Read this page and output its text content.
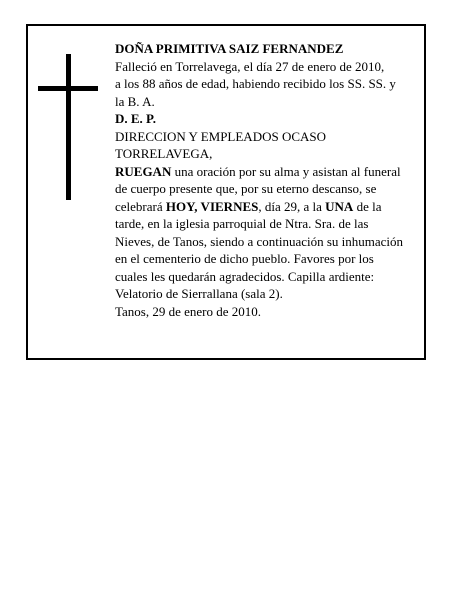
DOÑA PRIMITIVA SAIZ FERNANDEZ
Falleció en Torrelavega, el día 27 de enero de 2010,
a los 88 años de edad, habiendo recibido los SS. SS. y
la B. A.
D. E. P.
DIRECCION Y EMPLEADOS OCASO
TORRELAVEGA,
RUEGAN una oración por su alma y asistan al funeral
de cuerpo presente que, por su eterno descanso, se
celebrará HOY, VIERNES, día 29, a la UNA de la
tarde, en la iglesia parroquial de Ntra. Sra. de las
Nieves, de Tanos, siendo a continuación su inhumación
en el cementerio de dicho pueblo. Favores por los
cuales les quedarán agradecidos. Capilla ardiente:
Velatorio de Sierrallana (sala 2).
Tanos, 29 de enero de 2010.
